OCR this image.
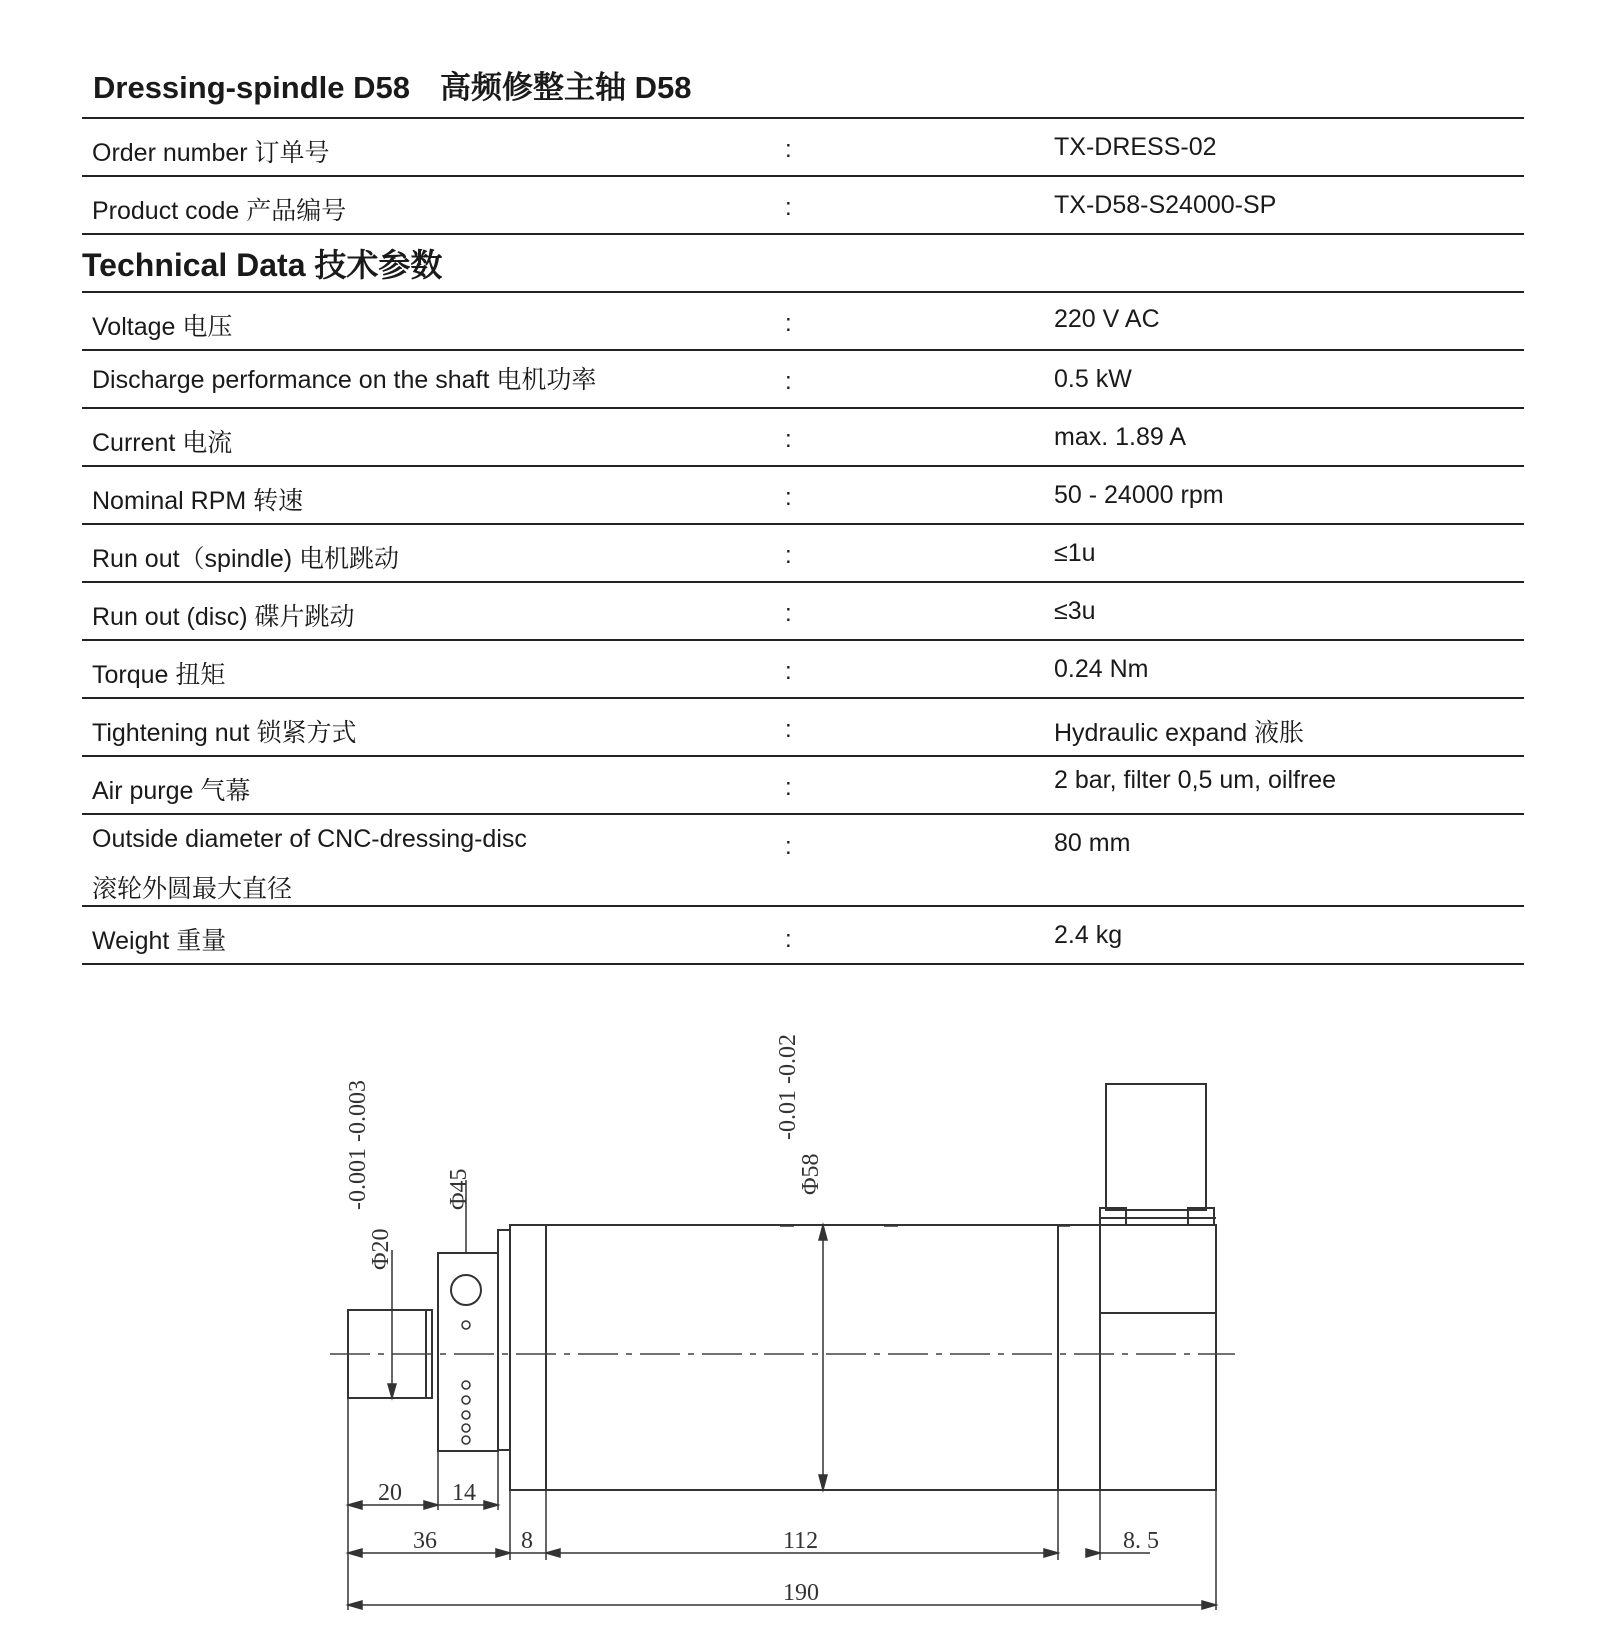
Dressing-spindle D58 高频修整主轴 D58
Order number 订单号	:	TX-DRESS-02
Product code 产品编号	:	TX-D58-S24000-SP
Technical Data 技术参数
Voltage 电压	:	220 V AC
Discharge performance on the shaft 电机功率	:	0.5 kW
Current 电流	:	max. 1.89 A
Nominal RPM 转速	:	50 - 24000 rpm
Run out（spindle) 电机跳动	:	≤1u
Run out (disc) 碟片跳动	:	≤3u
Torque 扭矩	:	0.24 Nm
Tightening nut 锁紧方式	:	Hydraulic expand 液胀
Air purge 气幕	:	2 bar, filter 0,5 um, oilfree
Outside diameter of CNC-dressing-disc
滚轮外圆最大直径
:	80 mm
Weight 重量	:	2.4 kg
20 14
36	8	112	8. 5
190
Φ20
-0.001 -0.003	Φ45	Φ58
-0.01 -0.02
